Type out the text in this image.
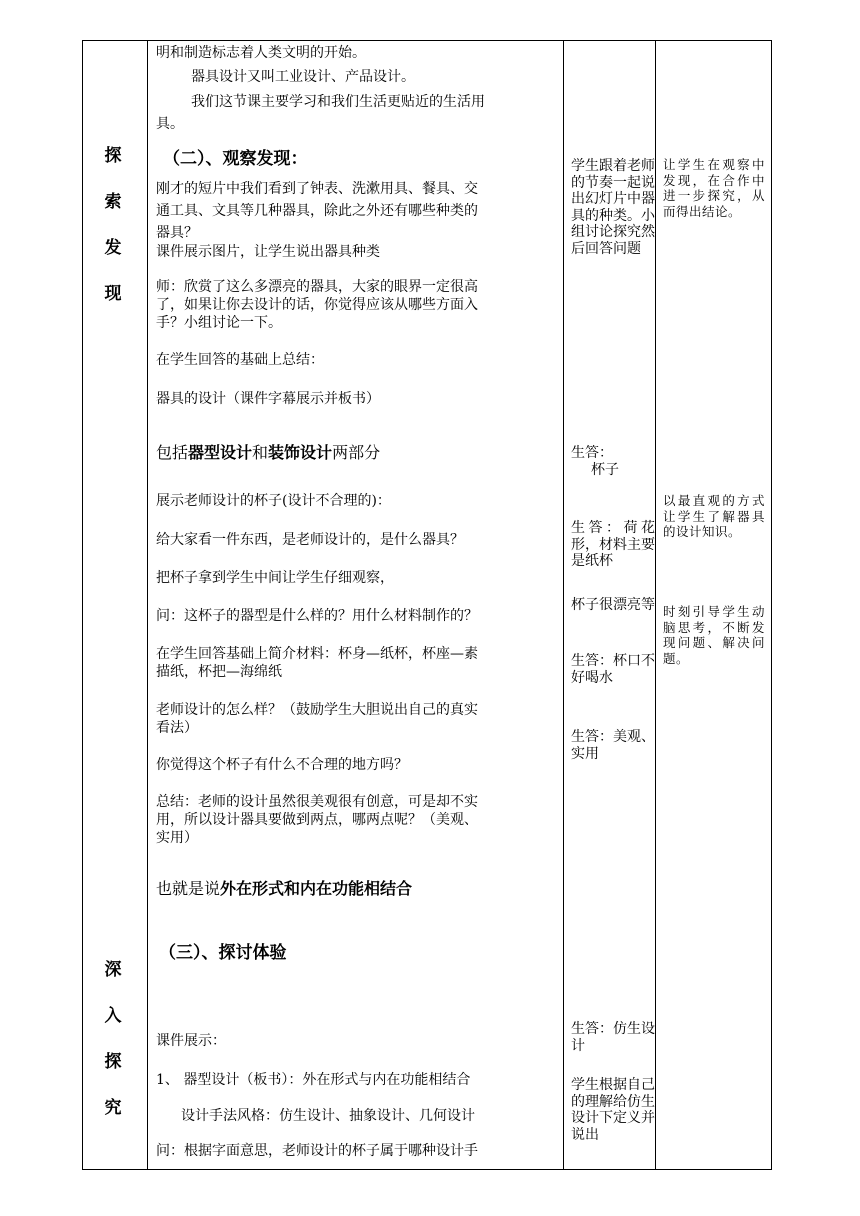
探
索
发
现
深
入
探
究
明和制造标志着人类文明的开始。
器具设计又叫工业设计、产品设计。
我们这节课主要学习和我们生活更贴近的生活用
具。
（二）、观察发现：
刚才的短片中我们看到了钟表、洗漱用具、餐具、交
通工具、文具等几种器具，除此之外还有哪些种类的
器具？
课件展示图片，让学生说出器具种类
师：欣赏了这么多漂亮的器具，大家的眼界一定很高
了，如果让你去设计的话，你觉得应该从哪些方面入
手？小组讨论一下。
在学生回答的基础上总结：
器具的设计（课件字幕展示并板书）
包括器型设计和装饰设计两部分
展示老师设计的杯子(设计不合理的)：
给大家看一件东西，是老师设计的，是什么器具？
把杯子拿到学生中间让学生仔细观察，
问：这杯子的器型是什么样的？用什么材料制作的？
在学生回答基础上简介材料：杯身—纸杯，杯座—素
描纸，杯把—海绵纸
老师设计的怎么样？（鼓励学生大胆说出自己的真实
看法）
你觉得这个杯子有什么不合理的地方吗？
总结：老师的设计虽然很美观很有创意，可是却不实
用，所以设计器具要做到两点，哪两点呢？（美观、
实用）
也就是说外在形式和内在功能相结合
（三）、探讨体验
课件展示：
1、 器型设计（板书）：外在形式与内在功能相结合
设计手法风格：仿生设计、抽象设计、几何设计
问：根据字面意思，老师设计的杯子属于哪种设计手
学生跟着老师的节奏一起说出幻灯片中器具的种类。小组讨论探究然后回答问题
生答：
杯子
生答：荷花形，材料主要是纸杯
杯子很漂亮等
生答：杯口不好喝水
生答：美观、实用
生答：仿生设计
学生根据自己的理解给仿生设计下定义并说出
让学生在观察中发现，在合作中进一步探究，从而得出结论。
以最直观的方式让学生了解器具的设计知识。
时刻引导学生动脑思考，不断发现问题、解决问题。
